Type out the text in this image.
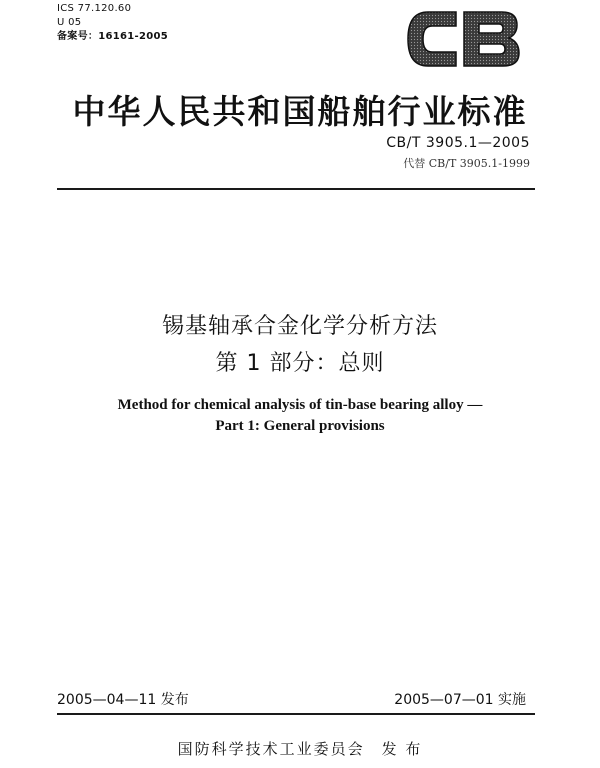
ICS 77.120.60
U 05
备案号：16161-2005
中华人民共和国船舶行业标准
CB/T 3905.1—2005
代替 CB/T 3905.1-1999
锡基轴承合金化学分析方法
第 1 部分：总则
Method for chemical analysis of tin-base bearing alloy —
Part 1: General provisions
2005—04—11 发布	2005—07—01 实施
国防科学技术工业委员会　发 布
